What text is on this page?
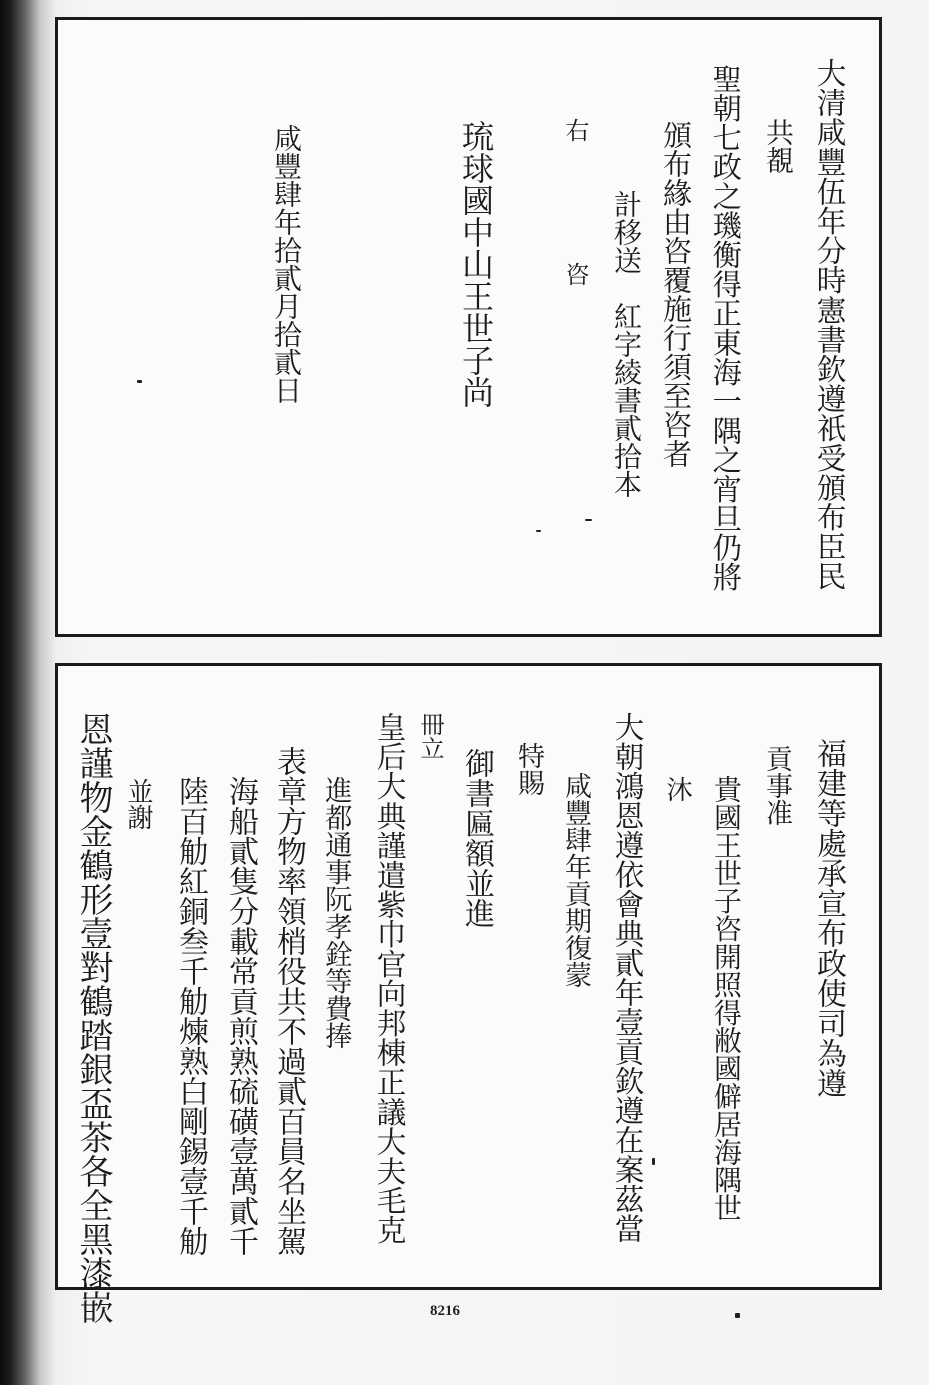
大清咸豐伍年分時憲書欽遵祇受頒布臣民
共覩
聖朝七政之璣衡得正東海一隅之宵旦仍將
頒布緣由咨覆施行須至咨者
計移送　紅字綾書貳拾本
右　　　　　咨
琉球國中山王世子尚
咸豐肆年拾貳月拾貳日
福建等處承宣布政使司為遵
貢事准
貴國王世子咨開照得敝國僻居海隅世
沐
大朝鴻恩遵依會典貳年壹貢欽遵在案茲當
咸豐肆年貢期復蒙
特賜
御書匾額並進
冊立
皇后大典謹遣紫巾官向邦棟正議大夫毛克
進都通事阮孝銓等費捧
表章方物率領梢役共不過貳百員名坐駕
海船貳隻分載常貢煎熟硫磺壹萬貳千
陸百觔紅銅叁千觔煉熟白剛錫壹千觔
並謝
恩謹物金鶴形壹對鶴踏銀盃茶各全黑漆嵌	8216
